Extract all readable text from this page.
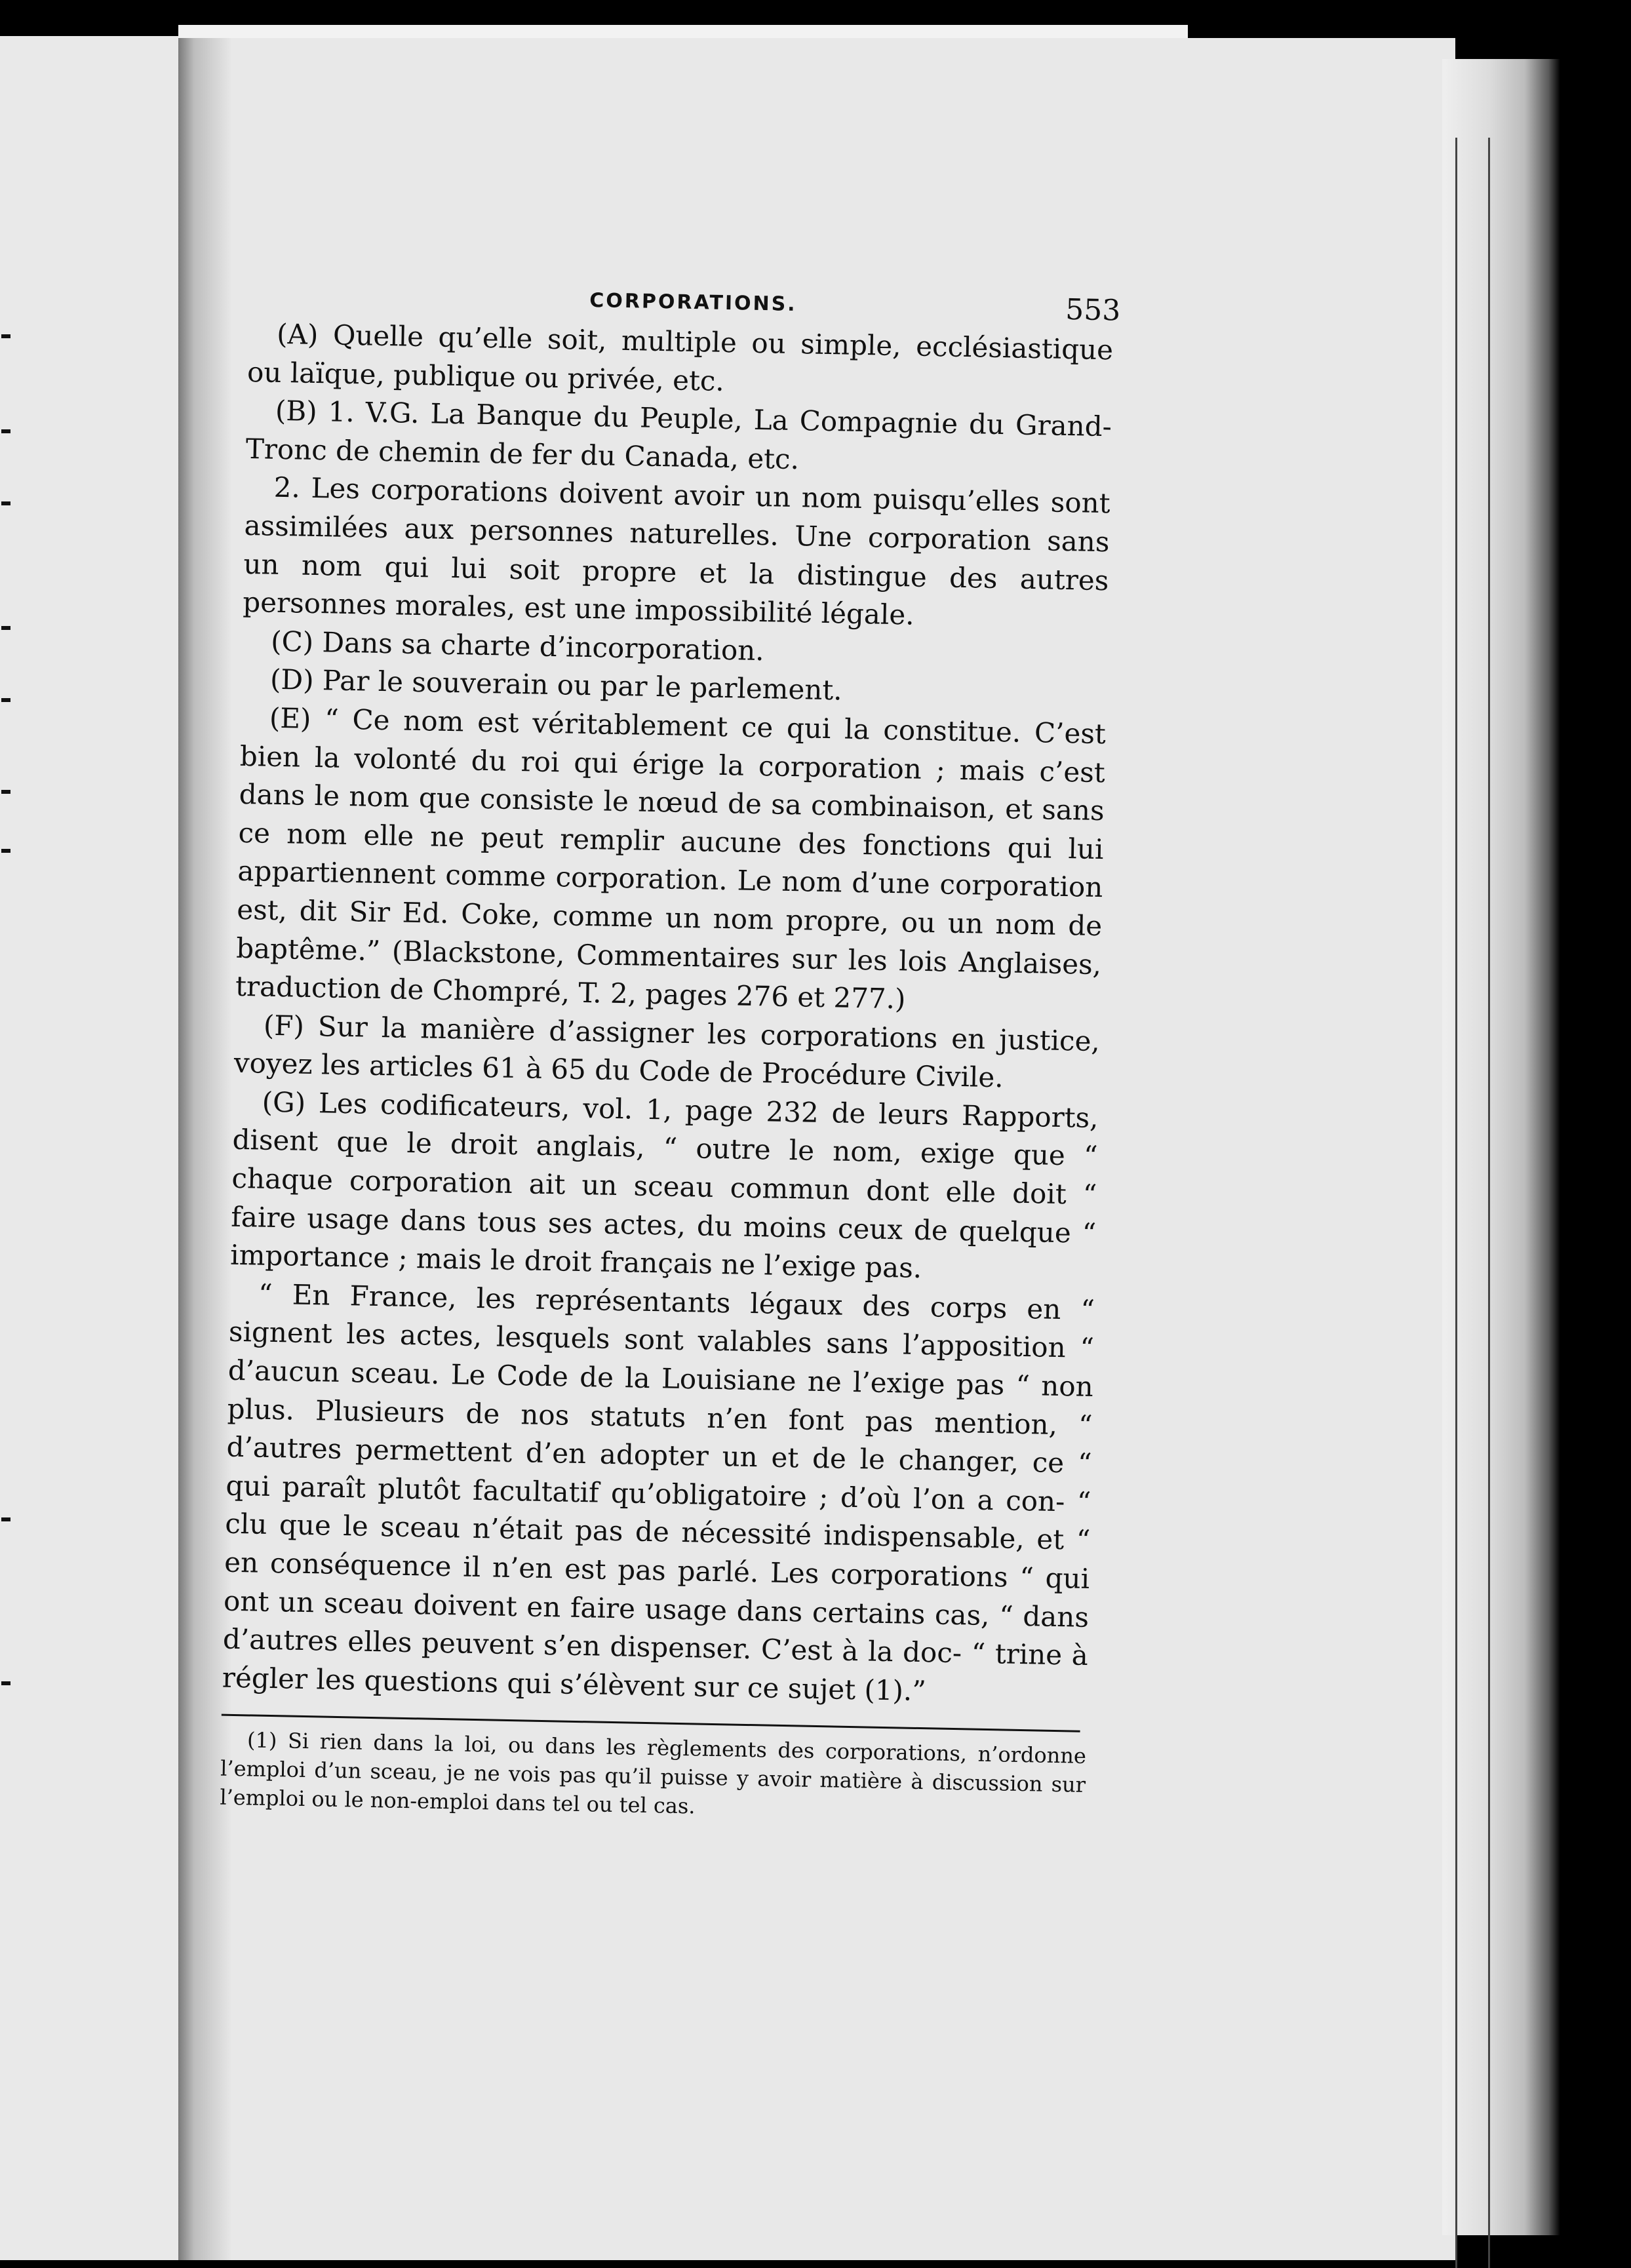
CORPORATIONS.	553

(A) Quelle qu’elle soit, multiple ou simple, ecclésiastique ou laïque, publique ou privée, etc.

(B) 1. V.G. La Banque du Peuple, La Compagnie du Grand-Tronc de chemin de fer du Canada, etc.

2. Les corporations doivent avoir un nom puisqu’elles sont assimilées aux personnes naturelles. Une corporation sans un nom qui lui soit propre et la distingue des autres personnes morales, est une impossibilité légale.

(C) Dans sa charte d’incorporation.

(D) Par le souverain ou par le parlement.

(E) “ Ce nom est véritablement ce qui la constitue. C’est bien la volonté du roi qui érige la corporation ; mais c’est dans le nom que consiste le nœud de sa combinaison, et sans ce nom elle ne peut remplir aucune des fonctions qui lui appartiennent comme corporation. Le nom d’une corporation est, dit Sir Ed. Coke, comme un nom propre, ou un nom de baptême.” (Blackstone, Commentaires sur les lois Anglaises, traduction de Chompré, T. 2, pages 276 et 277.)

(F) Sur la manière d’assigner les corporations en justice, voyez les articles 61 à 65 du Code de Procédure Civile.

(G) Les codificateurs, vol. 1, page 232 de leurs Rapports, disent que le droit anglais, “ outre le nom, exige que “ chaque corporation ait un sceau commun dont elle doit “ faire usage dans tous ses actes, du moins ceux de quelque “ importance ; mais le droit français ne l’exige pas.

“ En France, les représentants légaux des corps en “ signent les actes, lesquels sont valables sans l’apposition “ d’aucun sceau. Le Code de la Louisiane ne l’exige pas “ non plus. Plusieurs de nos statuts n’en font pas mention, “ d’autres permettent d’en adopter un et de le changer, ce “ qui paraît plutôt facultatif qu’obligatoire ; d’où l’on a con- “ clu que le sceau n’était pas de nécessité indispensable, et “ en conséquence il n’en est pas parlé. Les corporations “ qui ont un sceau doivent en faire usage dans certains cas, “ dans d’autres elles peuvent s’en dispenser. C’est à la doc- “ trine à régler les questions qui s’élèvent sur ce sujet (1).”

(1) Si rien dans la loi, ou dans les règlements des corporations, n’ordonne l’emploi d’un sceau, je ne vois pas qu’il puisse y avoir matière à discussion sur l’emploi ou le non-emploi dans tel ou tel cas.
